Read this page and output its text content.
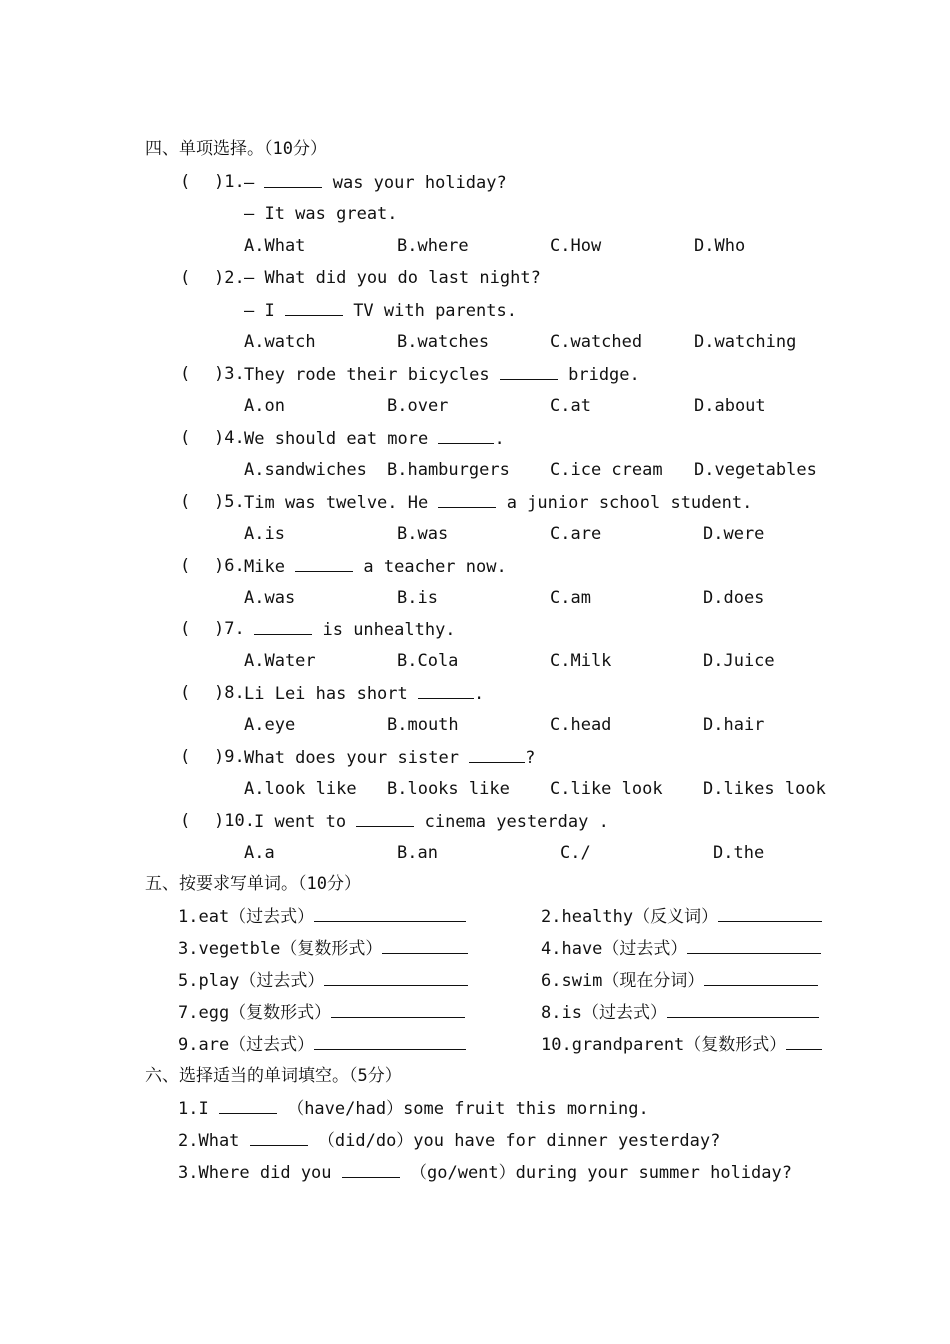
四、单项选择。（10分）
( )1. —	was your holiday?
— It was great.
A.What	B.where	C.How	D.Who
( )2. — What did you do last night?
— I	TV with parents.
A.watch	B.watches	C.watched	D.watching
( )3. They rode their bicycles	bridge.
A.on	B.over	C.at	D.about
( )4. We should eat more	.
A.sandwiches B.hamburgers C.ice cream D.vegetables
( )5. Tim was twelve. He	a junior school student.
A.is	B.was	C.are	D.were
( )6. Mike	a teacher now.
A.was	B.is	C.am	D.does
( )7.	is unhealthy.
A.Water	B.Cola	C.Milk	D.Juice
( )8. Li Lei has short	.
A.eye	B.mouth	C.head	D.hair
( )9. What does your sister	?
A.look like B.looks like C.like look D.likes look
( )10. I went to	cinema yesterday .
A.a	B.an	C./	D.the
五、按要求写单词。（10分）
1.eat（过去式）	2.healthy（反义词）
3.vegetble（复数形式）	4.have（过去式）
5.play（过去式）	6.swim（现在分词）
7.egg（复数形式）	8.is（过去式）
9.are（过去式）	10.grandparent（复数形式）
六、选择适当的单词填空。（5分）
1.I	（have/had）some fruit this morning.
2.What	（did/do）you have for dinner yesterday?
3.Where did you	（go/went）during your summer holiday?
